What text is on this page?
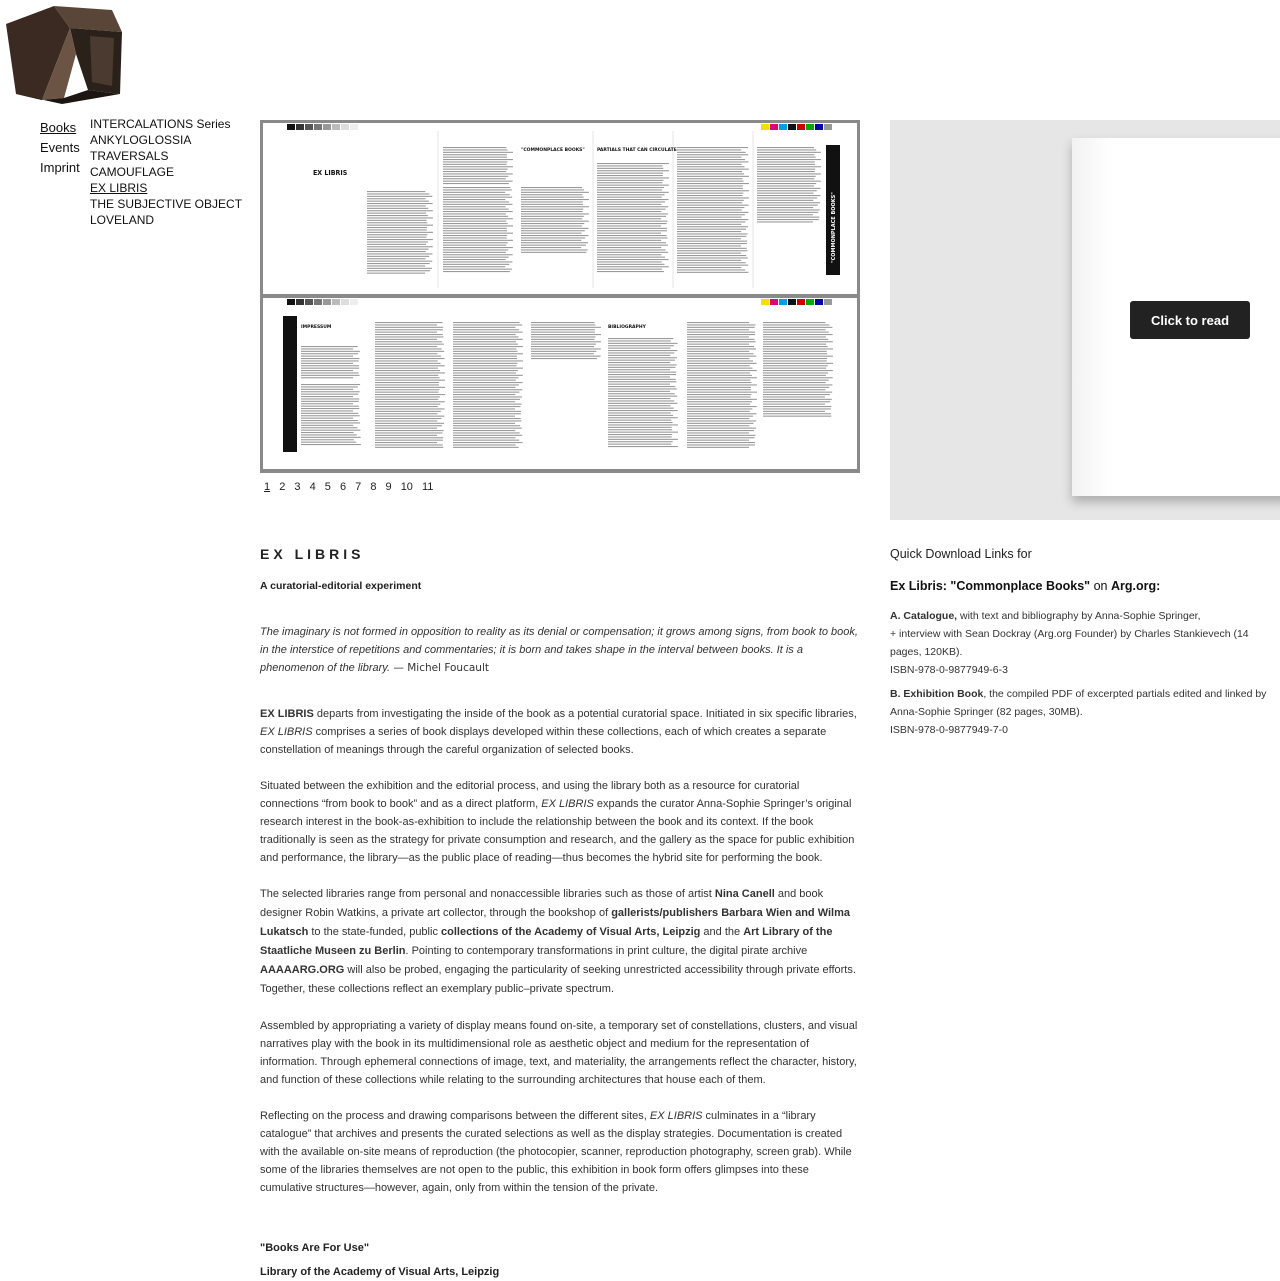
Books
Events
Imprint
INTERCALATIONS Series
ANKYLOGLOSSIA
TRAVERSALS
CAMOUFLAGE
EX LIBRIS
THE SUBJECTIVE OBJECT
LOVELAND
EX LIBRIS
"COMMONPLACE BOOKS"	PARTIALS THAT CAN CIRCULATE
"COMMONPLACE BOOKS"
IMPRESSUM	BIBLIOGRAPHY
1 2 3 4 5 6 7 8 9 10 11
Click to read
EX LIBRIS
A curatorial-editorial experiment
The imaginary is not formed in opposition to reality as its denial or compensation; it grows among signs, from book to book, in the interstice of repetitions and commentaries; it is born and takes shape in the interval between books. It is a phenomenon of the library. — Michel Foucault

EX LIBRIS departs from investigating the inside of the book as a potential curatorial space. Initiated in six specific libraries, EX LIBRIS comprises a series of book displays developed within these collections, each of which creates a separate constellation of meanings through the careful organization of selected books.

Situated between the exhibition and the editorial process, and using the library both as a resource for curatorial connections “from book to book” and as a direct platform, EX LIBRIS expands the curator Anna-Sophie Springer’s original research interest in the book-as-exhibition to include the relationship between the book and its context. If the book traditionally is seen as the strategy for private consumption and research, and the gallery as the space for public exhibition and performance, the library—as the public place of reading—thus becomes the hybrid site for performing the book.

The selected libraries range from personal and nonaccessible libraries such as those of artist Nina Canell and book designer Robin Watkins, a private art collector, through the bookshop of gallerists/publishers Barbara Wien and Wilma Lukatsch to the state-funded, public collections of the Academy of Visual Arts, Leipzig and the Art Library of the Staatliche Museen zu Berlin. Pointing to contemporary transformations in print culture, the digital pirate archive AAAAARG.ORG will also be probed, engaging the particularity of seeking unrestricted accessibility through private efforts. Together, these collections reflect an exemplary public–private spectrum.

Assembled by appropriating a variety of display means found on-site, a temporary set of constellations, clusters, and visual narratives play with the book in its multidimensional role as aesthetic object and medium for the representation of information. Through ephemeral connections of image, text, and materiality, the arrangements reflect the character, history, and function of these collections while relating to the surrounding architectures that house each of them.

Reflecting on the process and drawing comparisons between the different sites, EX LIBRIS culminates in a “library catalogue” that archives and presents the curated selections as well as the display strategies. Documentation is created with the available on-site means of reproduction (the photocopier, scanner, reproduction photography, screen grab). While some of the libraries themselves are not open to the public, this exhibition in book form offers glimpses into these cumulative structures—however, again, only from within the tension of the private.

"Books Are For Use"
Library of the Academy of Visual Arts, Leipzig
Quick Download Links for
Ex Libris: "Commonplace Books" on Arg.org:
A. Catalogue, with text and bibliography by Anna-Sophie Springer,
+ interview with Sean Dockray (Arg.org Founder) by Charles Stankievech (14 pages, 120KB).
ISBN-978-0-9877949-6-3
B. Exhibition Book, the compiled PDF of excerpted partials edited and linked by Anna-Sophie Springer (82 pages, 30MB).
ISBN-978-0-9877949-7-0
